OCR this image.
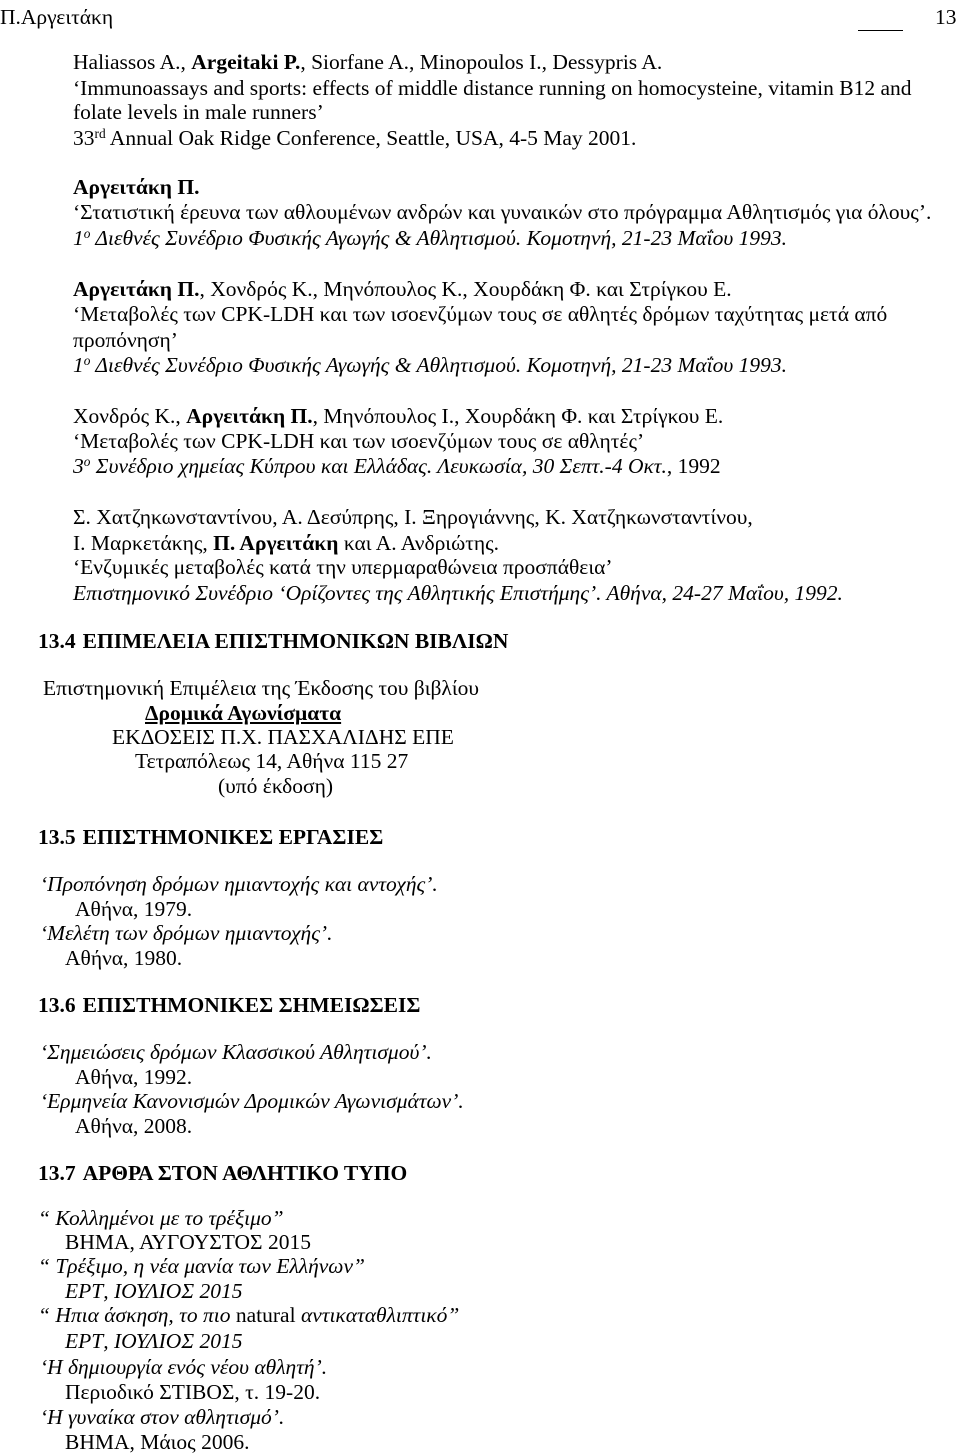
Π.Αργειτάκη	13
Haliassos A., Argeitaki P., Siorfane A., Minopoulos I., Dessypris A.
‘Immunoassays and sports: effects of middle distance running on homocysteine, vitamin B12 and
folate levels in male runners’
33rd Annual Oak Ridge Conference, Seattle, USA, 4-5 May 2001.
Αργειτάκη Π.
‘Στατιστική έρευνα των αθλουμένων ανδρών και γυναικών στο πρόγραμμα Αθλητισμός για όλους’.
$1^o$ Διεθνές Συνέδριο Φυσικής Αγωγής & Αθλητισμού. Κομοτηνή, 21-23 Μαΐου 1993.
Αργειτάκη Π., Χονδρός Κ., Μηνόπουλος Κ., Χουρδάκη Φ. και Στρίγκου Ε.
‘Μεταβολές των CPK-LDH και των ισοενζύμων τους σε αθλητές δρόμων ταχύτητας μετά από
προπόνηση’
$1^o$ Διεθνές Συνέδριο Φυσικής Αγωγής & Αθλητισμού. Κομοτηνή, 21-23 Μαΐου 1993.
Χονδρός Κ., Αργειτάκη Π., Μηνόπουλος Ι., Χουρδάκη Φ. και Στρίγκου Ε.
‘Μεταβολές των CPK-LDH και των ισοενζύμων τους σε αθλητές’
$3^o$ Συνέδριο χημείας Κύπρου και Ελλάδας. Λευκωσία, 30 Σεπτ.-4 Οκτ., 1992
Σ. Χατζηκωνσταντίνου, Α. Δεσύπρης, Ι. Ξηρογιάννης, Κ. Χατζηκωνσταντίνου,
Ι. Μαρκετάκης, Π. Αργειτάκη και Α. Ανδριώτης.
‘Ενζυμικές μεταβολές κατά την υπερμαραθώνεια προσπάθεια’
Επιστημονικό Συνέδριο ‘Ορίζοντες της Αθλητικής Επιστήμης’. Αθήνα, 24-27 Μαΐου, 1992.
13.4 ΕΠΙΜΕΛΕΙΑ ΕΠΙΣΤΗΜΟΝΙΚΩΝ ΒΙΒΛΙΩΝ
Επιστημονική Επιμέλεια της Έκδοσης του βιβλίου
Δρομικά Αγωνίσματα
ΕΚΔΟΣΕΙΣ Π.Χ. ΠΑΣΧΑΛΙΔΗΣ ΕΠΕ
Τετραπόλεως 14, Αθήνα 115 27
(υπό έκδοση)
13.5 ΕΠΙΣΤΗΜΟΝΙΚΕΣ ΕΡΓΑΣΙΕΣ
‘Προπόνηση δρόμων ημιαντοχής και αντοχής’.
Αθήνα, 1979.
‘Μελέτη των δρόμων ημιαντοχής’.
Αθήνα, 1980.
13.6 ΕΠΙΣΤΗΜΟΝΙΚΕΣ ΣΗΜΕΙΩΣΕΙΣ
‘Σημειώσεις δρόμων Κλασσικού Αθλητισμού’.
Αθήνα, 1992.
‘Ερμηνεία Κανονισμών Δρομικών Αγωνισμάτων’.
Αθήνα, 2008.
13.7 ΑΡΘΡΑ ΣΤΟΝ ΑΘΛΗΤΙΚΟ ΤΥΠΟ
“ Κολλημένοι με το τρέξιμο”
ΒΗΜΑ, ΑΥΓΟΥΣΤΟΣ 2015
“ Τρέξιμο, η νέα μανία των Ελλήνων”
ΕΡΤ, ΙΟΥΛΙΟΣ 2015
“ Ηπια άσκηση, το πιο natural αντικαταθλιπτικό”
ΕΡΤ, ΙΟΥΛΙΟΣ 2015
‘Η δημιουργία ενός νέου αθλητή’.
Περιοδικό ΣΤΙΒΟΣ, τ. 19-20.
‘Η γυναίκα στον αθλητισμό’.
ΒΗΜΑ, Μάιος 2006.
